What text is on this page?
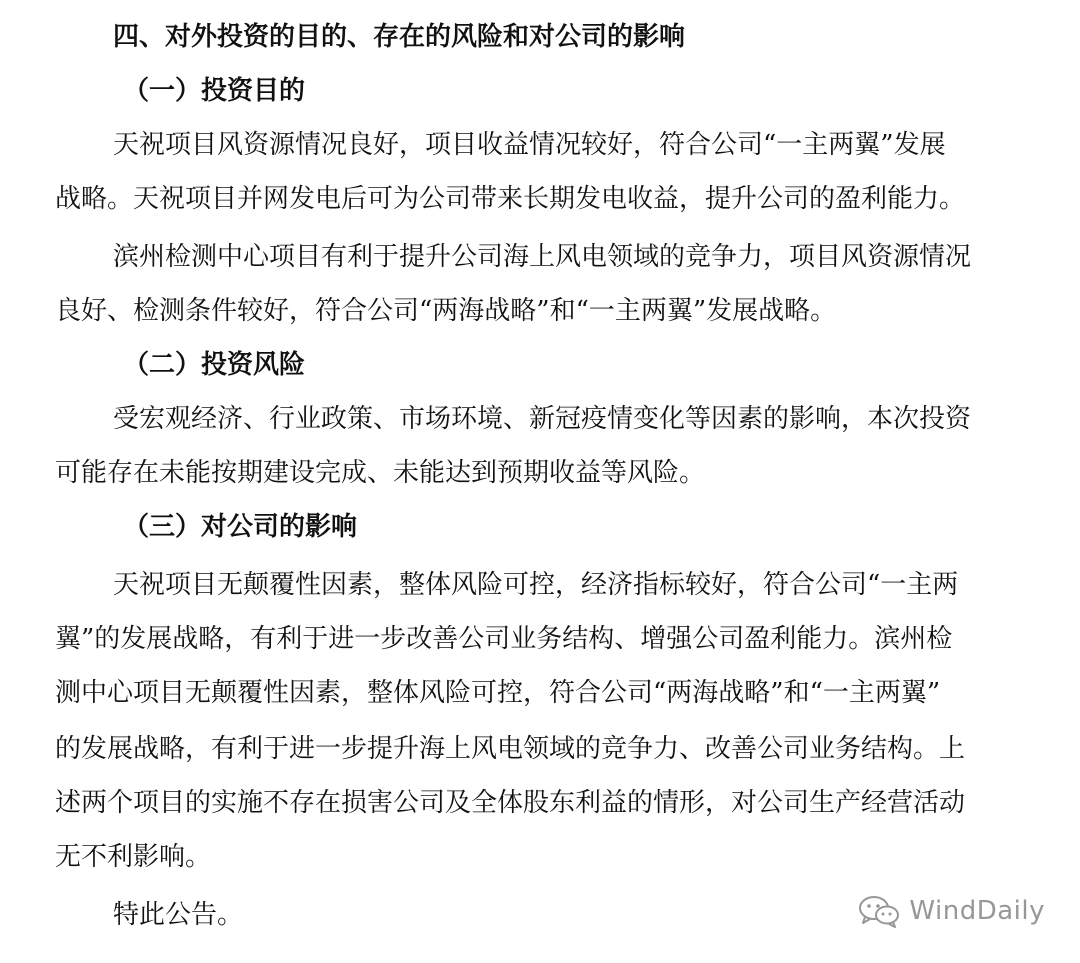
四、对外投资的目的、存在的风险和对公司的影响
（一）投资目的
天祝项目风资源情况良好，项目收益情况较好，符合公司“一主两翼”发展
战略。天祝项目并网发电后可为公司带来长期发电收益，提升公司的盈利能力。
滨州检测中心项目有利于提升公司海上风电领域的竞争力，项目风资源情况
良好、检测条件较好，符合公司“两海战略”和“一主两翼”发展战略。
（二）投资风险
受宏观经济、行业政策、市场环境、新冠疫情变化等因素的影响，本次投资
可能存在未能按期建设完成、未能达到预期收益等风险。
（三）对公司的影响
天祝项目无颠覆性因素，整体风险可控，经济指标较好，符合公司“一主两
翼”的发展战略，有利于进一步改善公司业务结构、增强公司盈利能力。滨州检
测中心项目无颠覆性因素，整体风险可控，符合公司“两海战略”和“一主两翼”
的发展战略，有利于进一步提升海上风电领域的竞争力、改善公司业务结构。上
述两个项目的实施不存在损害公司及全体股东利益的情形，对公司生产经营活动
无不利影响。
特此公告。	WindDaily
